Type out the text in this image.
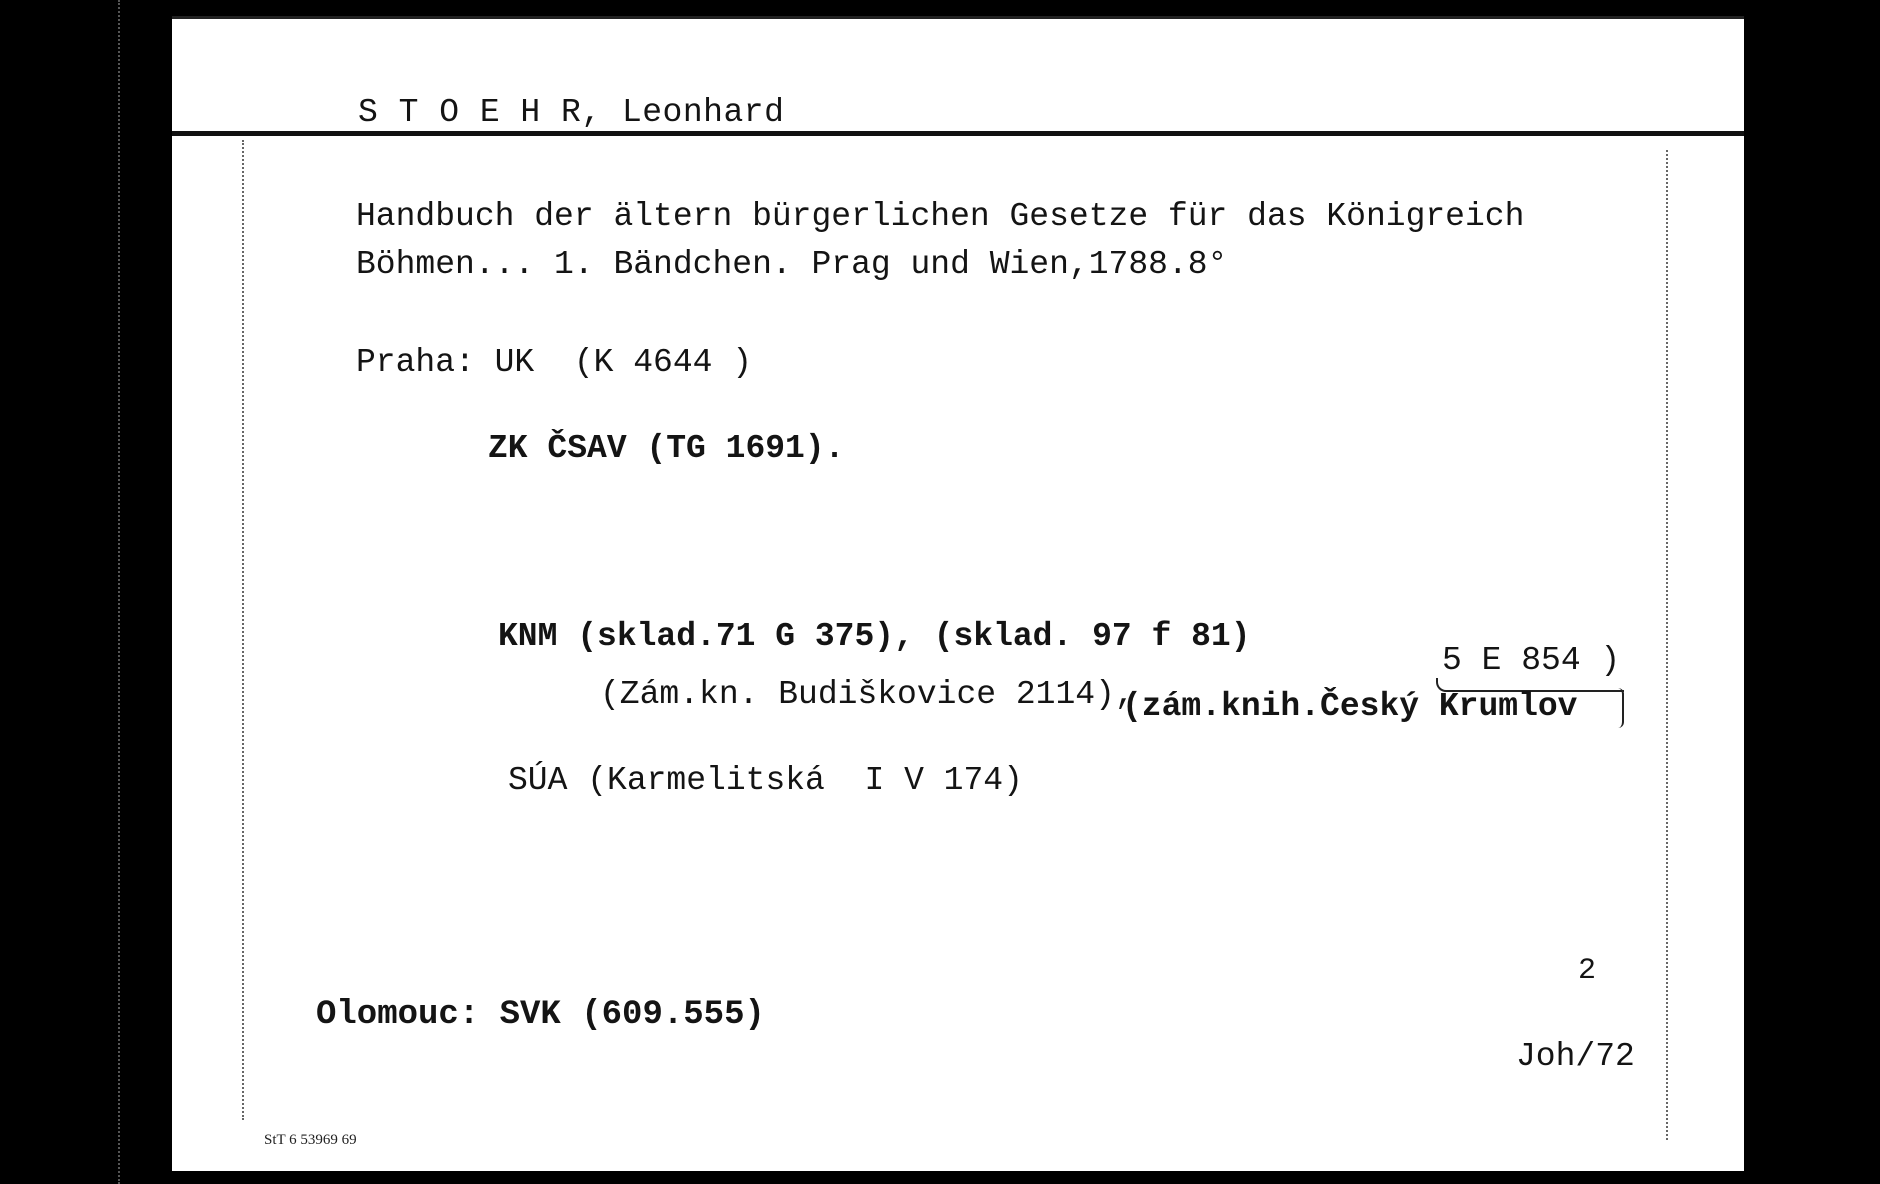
S T O E H R, Leonhard
Handbuch der ältern bürgerlichen Gesetze für das Königreich
Böhmen... 1. Bändchen. Prag und Wien,1788.8°
Praha: UK  (K 4644 )
ZK ČSAV (TG 1691).
KNM (sklad.71 G 375), (sklad. 97 f 81)
5 E 854 )
(Zám.kn. Budiškovice 2114),
(zám.knih.Český Krumlov
SÚA (Karmelitská  I V 174)
2
Olomouc: SVK (609.555)
Joh/72
StT 6 53969 69
